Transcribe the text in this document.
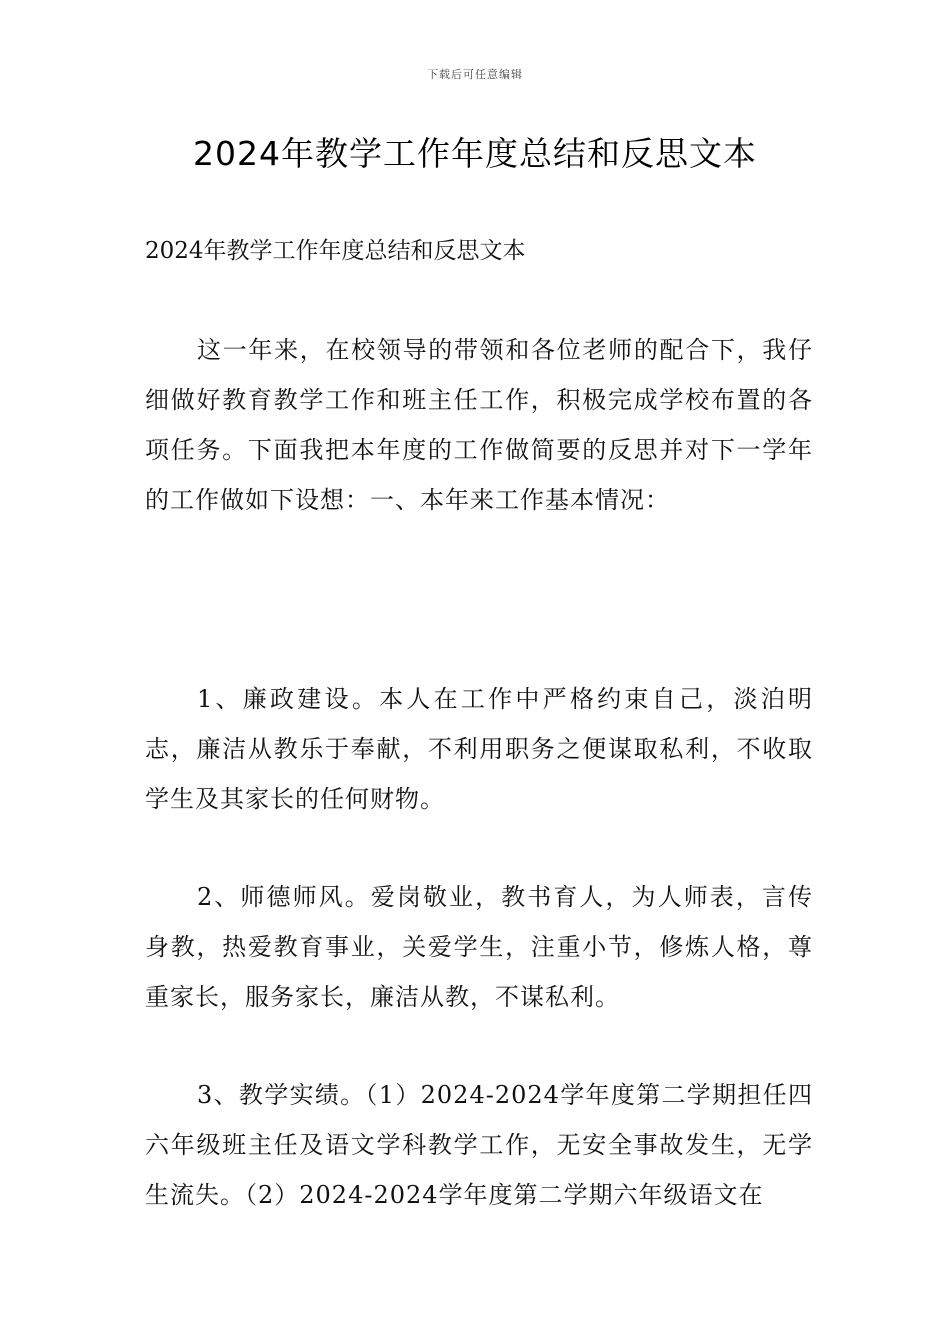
下载后可任意编辑
2024年教学工作年度总结和反思文本

2024年教学工作年度总结和反思文本

这一年来，在校领导的带领和各位老师的配合下，我仔细做好教育教学工作和班主任工作，积极完成学校布置的各项任务。下面我把本年度的工作做简要的反思并对下一学年的工作做如下设想：一、本年来工作基本情况：

1、廉政建设。本人在工作中严格约束自己，淡泊明志，廉洁从教乐于奉献，不利用职务之便谋取私利，不收取学生及其家长的任何财物。

2、师德师风。爱岗敬业，教书育人，为人师表，言传身教，热爱教育事业，关爱学生，注重小节，修炼人格，尊重家长，服务家长，廉洁从教，不谋私利。

3、教学实绩。（1）2024-2024学年度第二学期担任四六年级班主任及语文学科教学工作，无安全事故发生，无学生流失。（2）2024-2024学年度第二学期六年级语文在
